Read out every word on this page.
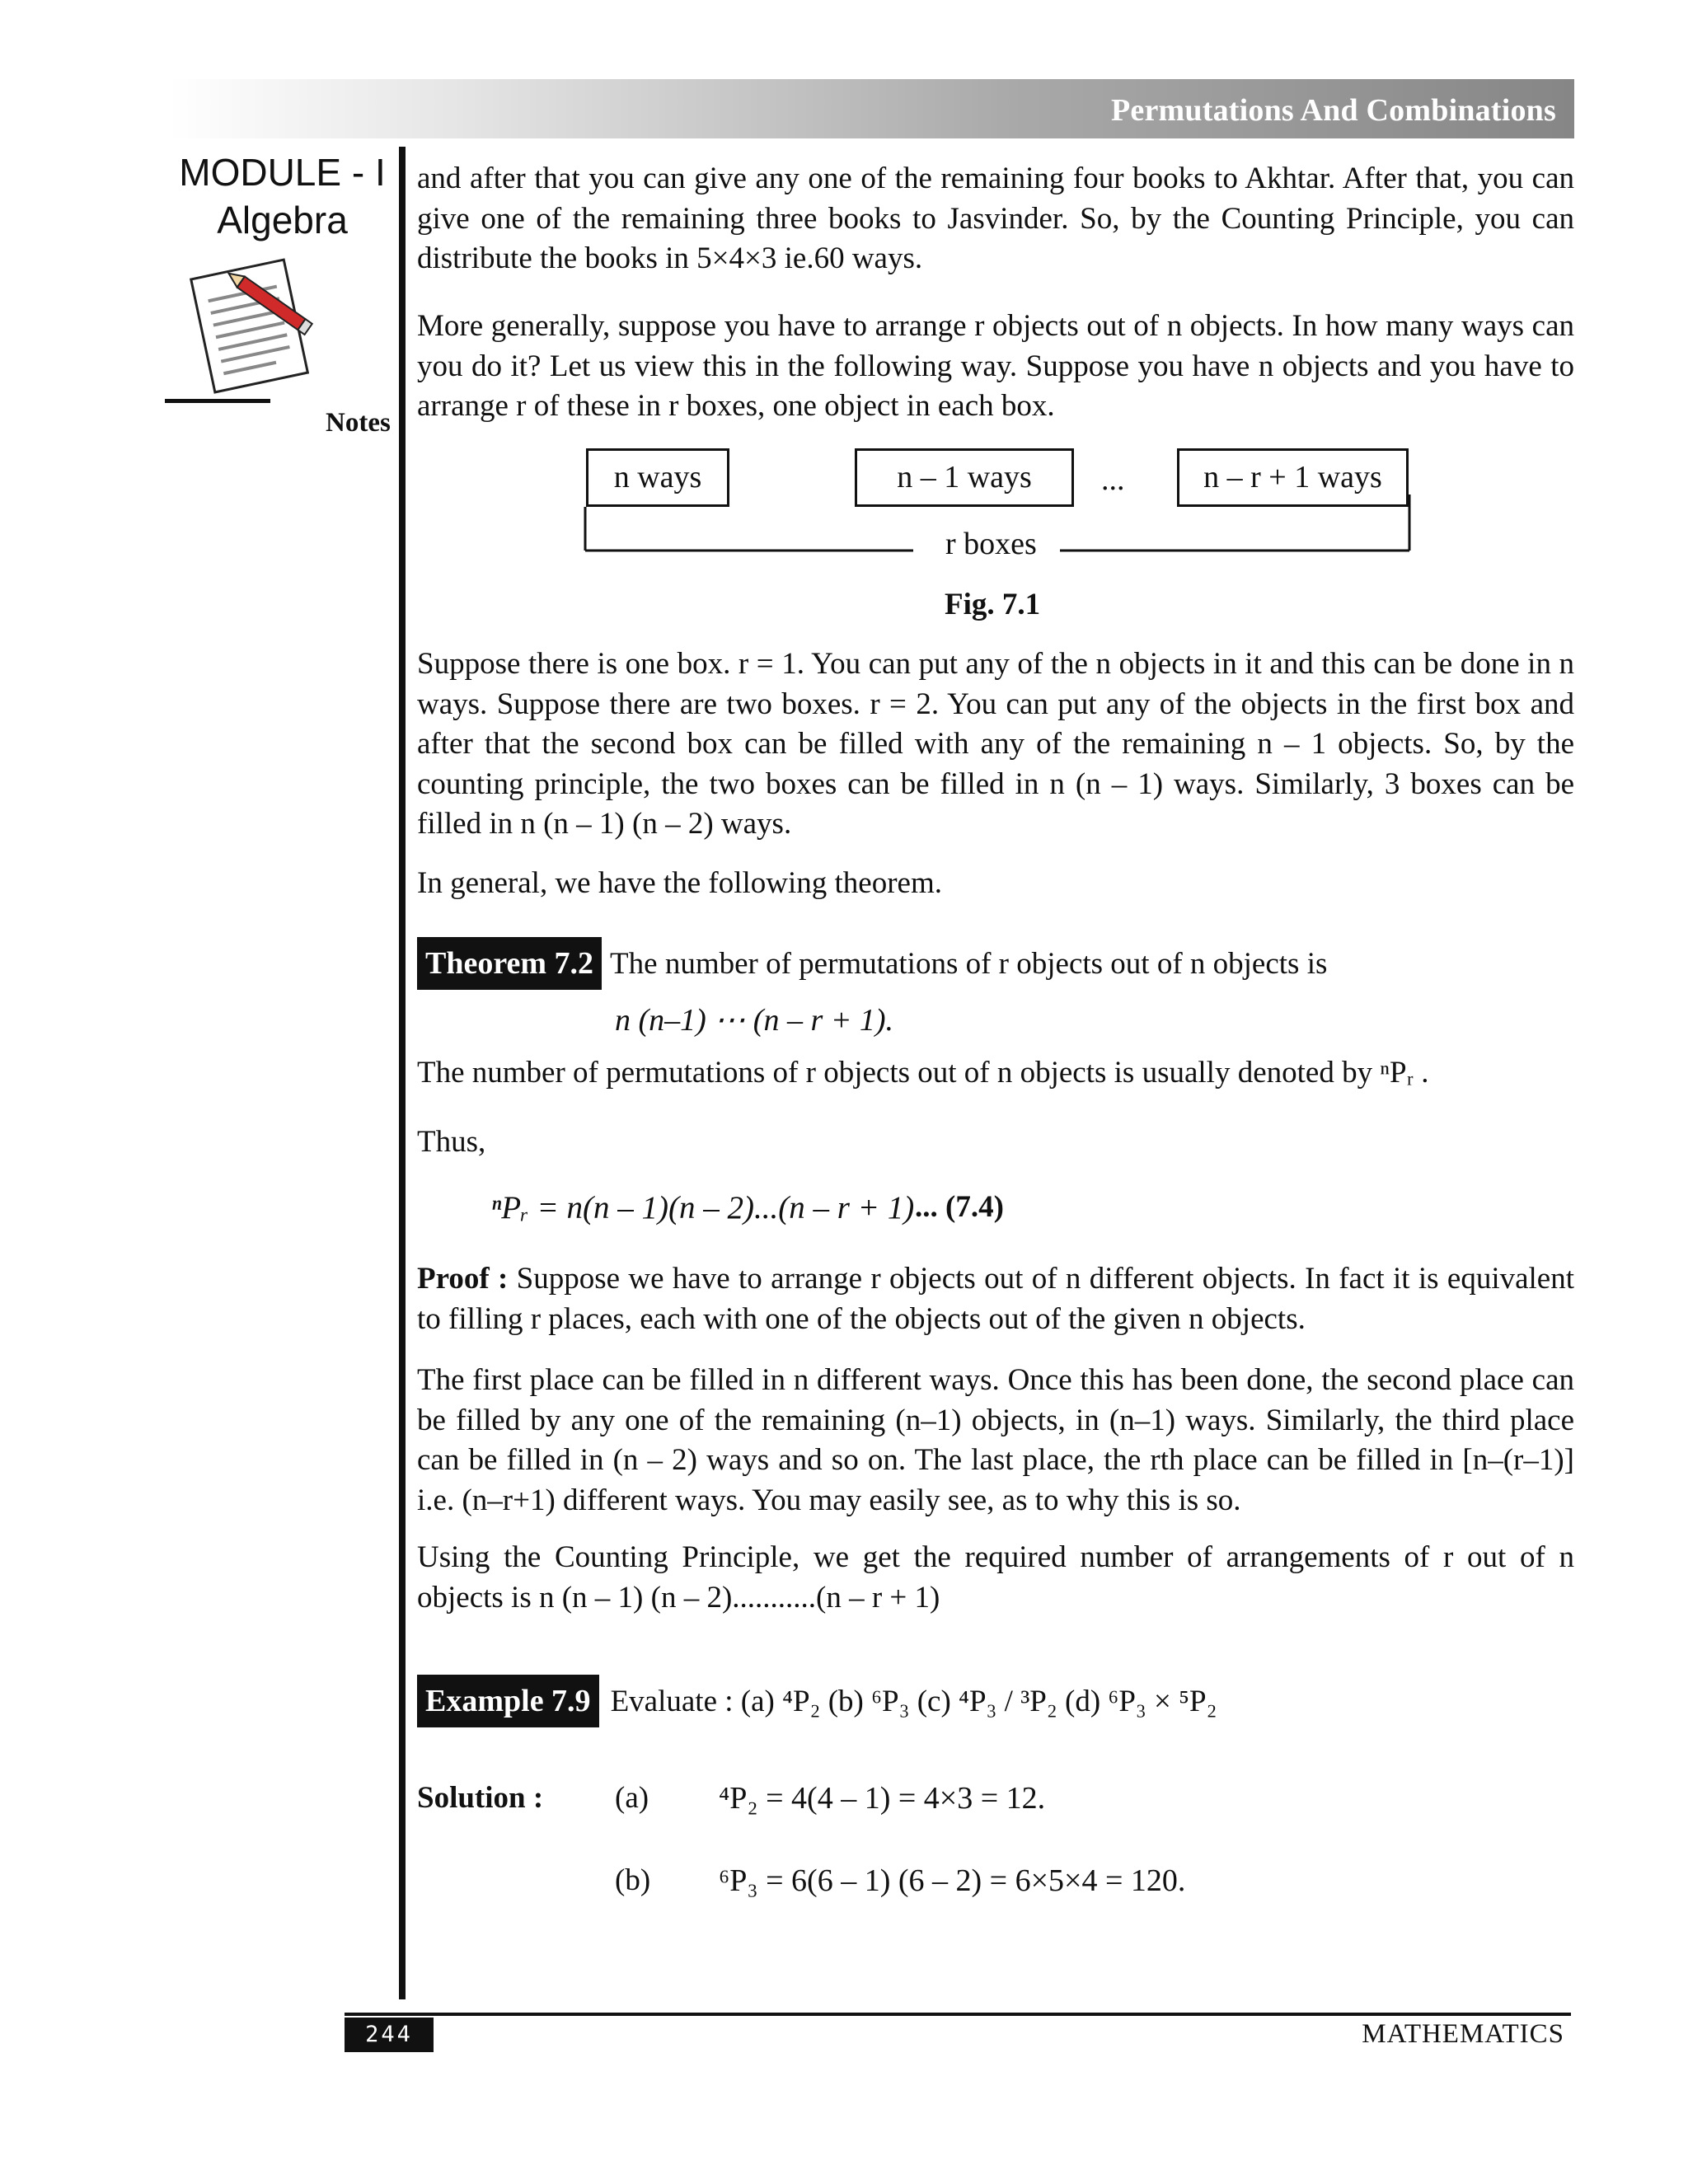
Permutations And Combinations
MODULE - I
Algebra
Notes

and after that you can give any one of the remaining four books to Akhtar. After that, you can give one of the remaining three books to Jasvinder. So, by the Counting Principle, you can distribute the books in 5×4×3 ie.60 ways.

More generally, suppose you have to arrange r objects out of n objects. In how many ways can you do it? Let us view this in the following way. Suppose you have n objects and you have to arrange r of these in r boxes, one object in each box.

n ways	n – 1 ways	...	n – r + 1 ways
r boxes
Fig. 7.1

Suppose there is one box. r = 1. You can put any of the n objects in it and this can be done in n ways. Suppose there are two boxes. r = 2. You can put any of the objects in the first box and after that the second box can be filled with any of the remaining n – 1 objects. So, by the counting principle, the two boxes can be filled in n (n – 1) ways. Similarly, 3 boxes can be filled in n (n – 1) (n – 2) ways.

In general, we have the following theorem.

Theorem 7.2 The number of permutations of r objects out of n objects is
n (n–1) ⋯ (n – r + 1).

The number of permutations of r objects out of n objects is usually denoted by ⁿPᵣ .

Thus,

ⁿPᵣ = n(n – 1)(n – 2)...(n – r + 1) ... (7.4)

Proof : Suppose we have to arrange r objects out of n different objects. In fact it is equivalent to filling r places, each with one of the objects out of the given n objects.

The first place can be filled in n different ways. Once this has been done, the second place can be filled by any one of the remaining (n–1) objects, in (n–1) ways. Similarly, the third place can be filled in (n – 2) ways and so on. The last place, the rth place can be filled in [n–(r–1)] i.e. (n–r+1) different ways. You may easily see, as to why this is so.

Using the Counting Principle, we get the required number of arrangements of r out of n objects is n (n – 1) (n – 2)...........(n – r + 1)

Example 7.9 Evaluate : (a) ⁴P₂ (b) ⁶P₃ (c) ⁴P₃ / ³P₂ (d) ⁶P₃ × ⁵P₂
Solution : (a) ⁴P₂ = 4(4 – 1) = 4×3 = 12.
(b) ⁶P₃ = 6(6 – 1) (6 – 2) = 6×5×4 = 120.
244	MATHEMATICS
